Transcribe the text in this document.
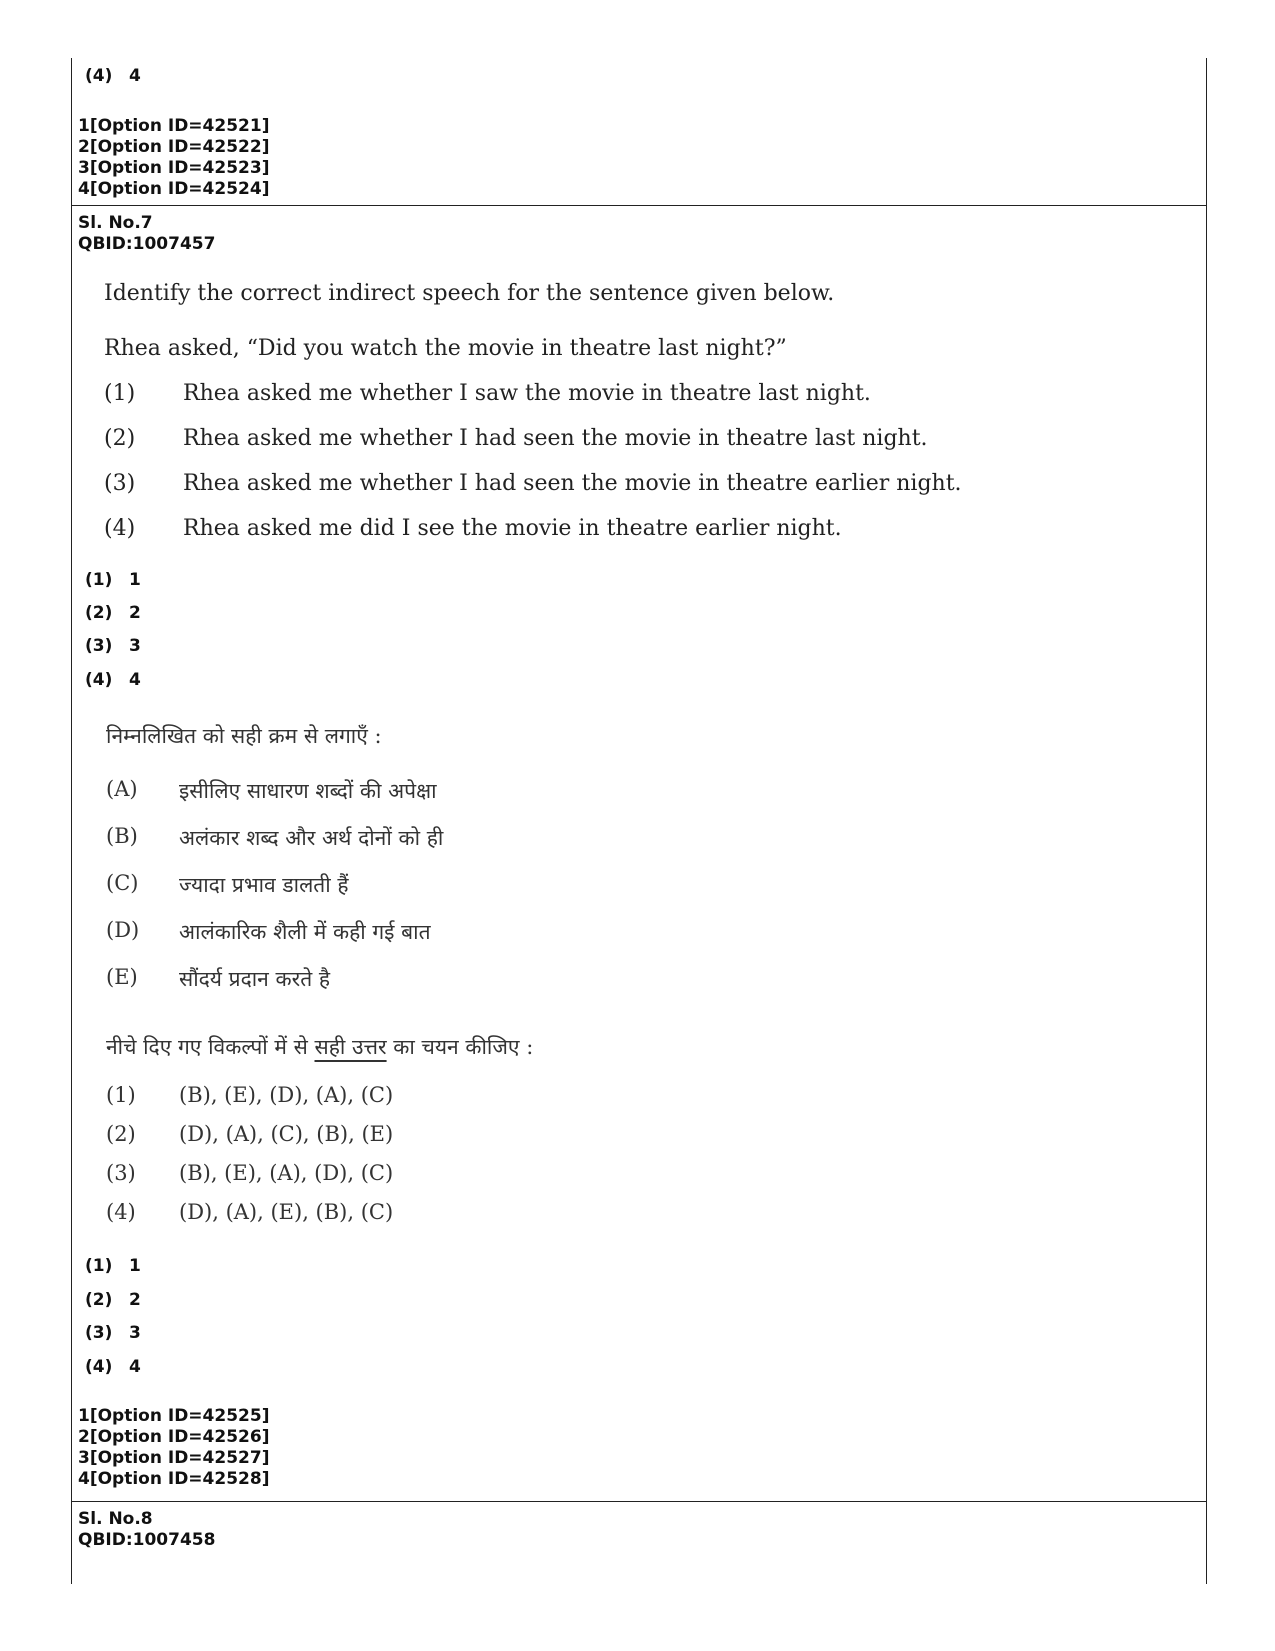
(4) 4
1[Option ID=42521]
2[Option ID=42522]
3[Option ID=42523]
4[Option ID=42524]
Sl. No.7
QBID:1007457
Identify the correct indirect speech for the sentence given below.
Rhea asked, “Did you watch the movie in theatre last night?”
(1) Rhea asked me whether I saw the movie in theatre last night.
(2) Rhea asked me whether I had seen the movie in theatre last night.
(3) Rhea asked me whether I had seen the movie in theatre earlier night.
(4) Rhea asked me did I see the movie in theatre earlier night.
(1) 1
(2) 2
(3) 3
(4) 4
निम्नलिखित को सही क्रम से लगाएँ :
(A) इसीलिए साधारण शब्दों की अपेक्षा
(B) अलंकार शब्द और अर्थ दोनों को ही
(C) ज्यादा प्रभाव डालती हैं
(D) आलंकारिक शैली में कही गई बात
(E) सौंदर्य प्रदान करते है
नीचे दिए गए विकल्पों में से सही उत्तर का चयन कीजिए :
(1) (B), (E), (D), (A), (C)
(2) (D), (A), (C), (B), (E)
(3) (B), (E), (A), (D), (C)
(4) (D), (A), (E), (B), (C)
(1) 1
(2) 2
(3) 3
(4) 4
1[Option ID=42525]
2[Option ID=42526]
3[Option ID=42527]
4[Option ID=42528]
Sl. No.8
QBID:1007458
